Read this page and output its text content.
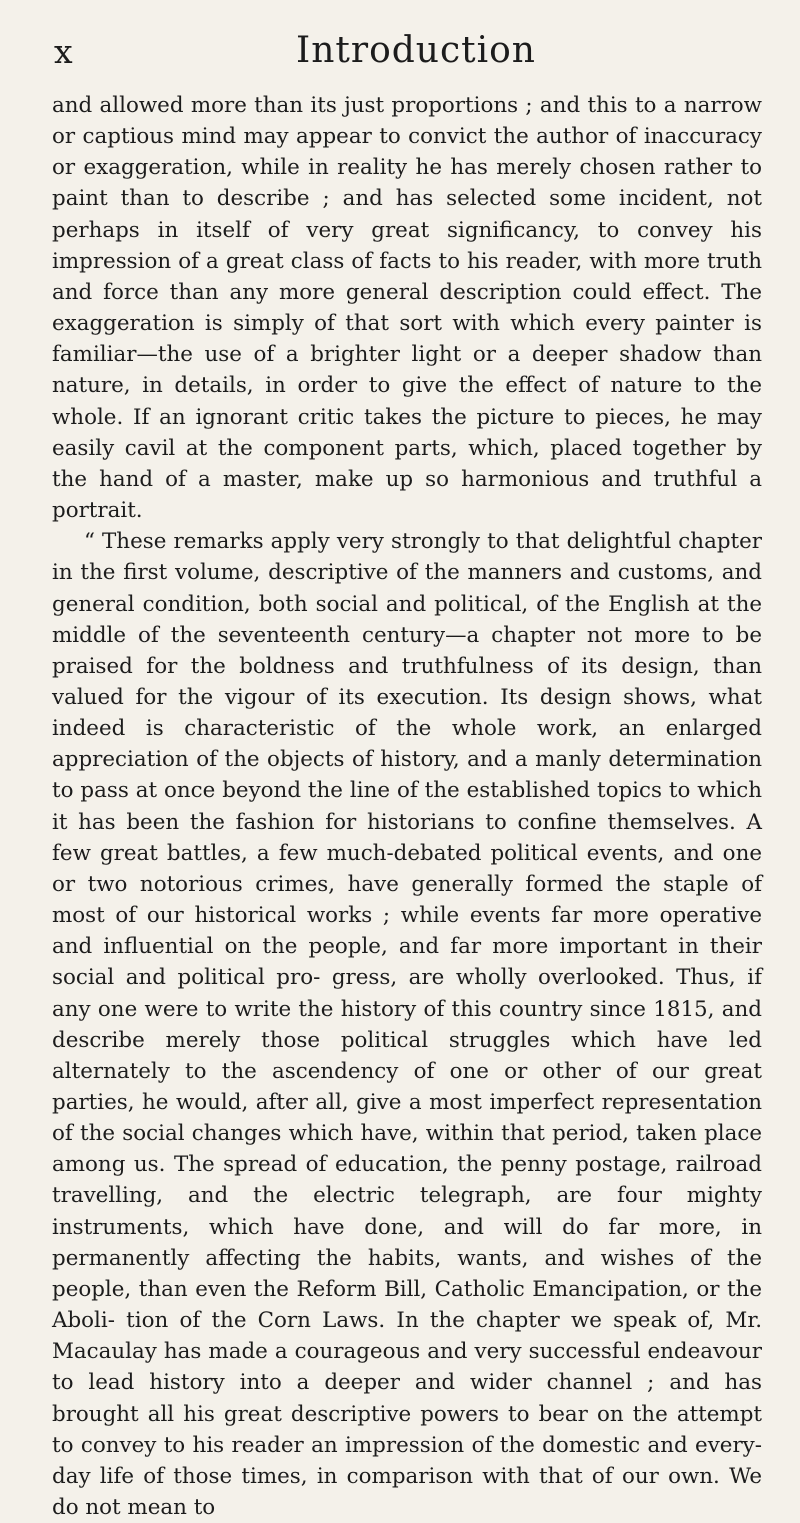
x	Introduction

and allowed more than its just proportions ; and this to a narrow or captious mind may appear to convict the author of inaccuracy or exaggeration, while in reality he has merely chosen rather to paint than to describe ; and has selected some incident, not perhaps in itself of very great significancy, to convey his impression of a great class of facts to his reader, with more truth and force than any more general description could effect. The exaggeration is simply of that sort with which every painter is familiar—the use of a brighter light or a deeper shadow than nature, in details, in order to give the effect of nature to the whole. If an ignorant critic takes the picture to pieces, he may easily cavil at the component parts, which, placed together by the hand of a master, make up so harmonious and truthful a portrait.

“ These remarks apply very strongly to that delightful chapter in the first volume, descriptive of the manners and customs, and general condition, both social and political, of the English at the middle of the seventeenth century—a chapter not more to be praised for the boldness and truthfulness of its design, than valued for the vigour of its execution. Its design shows, what indeed is characteristic of the whole work, an enlarged appreciation of the objects of history, and a manly determination to pass at once beyond the line of the established topics to which it has been the fashion for historians to confine themselves. A few great battles, a few much-debated political events, and one or two notorious crimes, have generally formed the staple of most of our historical works ; while events far more operative and influential on the people, and far more important in their social and political pro- gress, are wholly overlooked. Thus, if any one were to write the history of this country since 1815, and describe merely those political struggles which have led alternately to the ascendency of one or other of our great parties, he would, after all, give a most imperfect representation of the social changes which have, within that period, taken place among us. The spread of education, the penny postage, railroad travelling, and the electric telegraph, are four mighty instruments, which have done, and will do far more, in permanently affecting the habits, wants, and wishes of the people, than even the Reform Bill, Catholic Emancipation, or the Aboli- tion of the Corn Laws. In the chapter we speak of, Mr. Macaulay has made a courageous and very successful endeavour to lead history into a deeper and wider channel ; and has brought all his great descriptive powers to bear on the attempt to convey to his reader an impression of the domestic and every-day life of those times, in comparison with that of our own. We do not mean to
